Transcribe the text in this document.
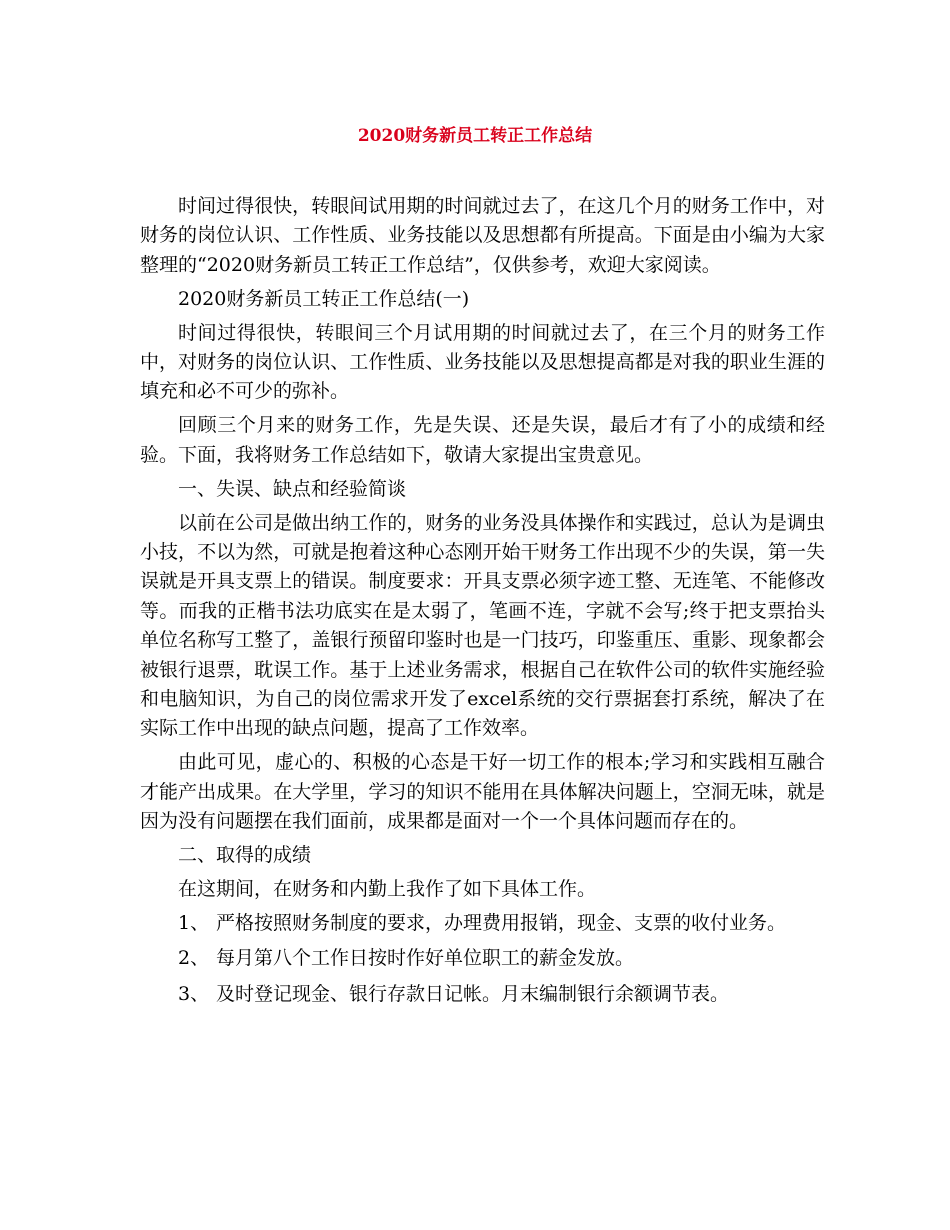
2020财务新员工转正工作总结

时间过得很快，转眼间试用期的时间就过去了，在这几个月的财务工作中，对财务的岗位认识、工作性质、业务技能以及思想都有所提高。下面是由小编为大家整理的“2020财务新员工转正工作总结”，仅供参考，欢迎大家阅读。

2020财务新员工转正工作总结(一)

时间过得很快，转眼间三个月试用期的时间就过去了，在三个月的财务工作中，对财务的岗位认识、工作性质、业务技能以及思想提高都是对我的职业生涯的填充和必不可少的弥补。

回顾三个月来的财务工作，先是失误、还是失误，最后才有了小的成绩和经验。下面，我将财务工作总结如下，敬请大家提出宝贵意见。

一、失误、缺点和经验简谈

以前在公司是做出纳工作的，财务的业务没具体操作和实践过，总认为是调虫小技，不以为然，可就是抱着这种心态刚开始干财务工作出现不少的失误，第一失误就是开具支票上的错误。制度要求：开具支票必须字迹工整、无连笔、不能修改等。而我的正楷书法功底实在是太弱了，笔画不连，字就不会写;终于把支票抬头单位名称写工整了，盖银行预留印鉴时也是一门技巧，印鉴重压、重影、现象都会被银行退票，耽误工作。基于上述业务需求，根据自己在软件公司的软件实施经验和电脑知识，为自己的岗位需求开发了excel系统的交行票据套打系统，解决了在实际工作中出现的缺点问题，提高了工作效率。

由此可见，虚心的、积极的心态是干好一切工作的根本;学习和实践相互融合才能产出成果。在大学里，学习的知识不能用在具体解决问题上，空洞无味，就是因为没有问题摆在我们面前，成果都是面对一个一个具体问题而存在的。

二、取得的成绩

在这期间，在财务和内勤上我作了如下具体工作。

1、 严格按照财务制度的要求，办理费用报销，现金、支票的收付业务。
2、 每月第八个工作日按时作好单位职工的薪金发放。
3、 及时登记现金、银行存款日记帐。月末编制银行余额调节表。
